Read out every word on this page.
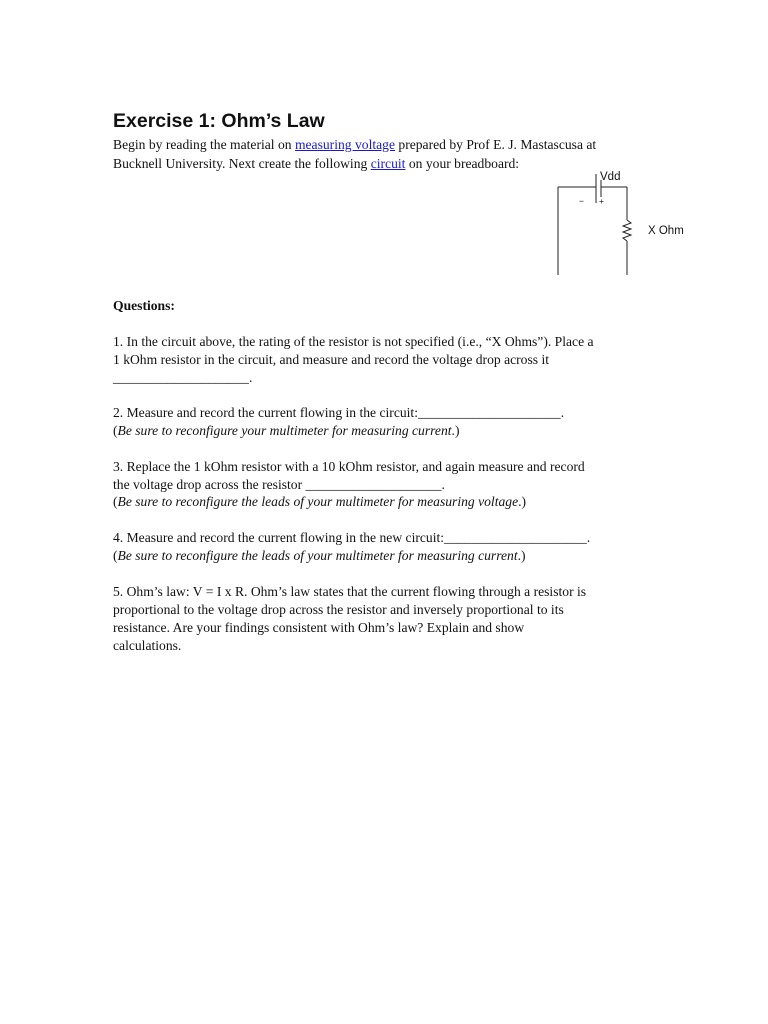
Exercise 1: Ohm’s Law
Begin by reading the material on measuring voltage prepared by Prof E. J. Mastascusa at
Bucknell University. Next create the following circuit on your breadboard:
Vdd
− +
X Ohm
Questions:
1. In the circuit above, the rating of the resistor is not specified (i.e., “X Ohms”). Place a
1 kOhm resistor in the circuit, and measure and record the voltage drop across it
____________________.
2. Measure and record the current flowing in the circuit:_____________________.
(Be sure to reconfigure your multimeter for measuring current.)
3. Replace the 1 kOhm resistor with a 10 kOhm resistor, and again measure and record
the voltage drop across the resistor ____________________.
(Be sure to reconfigure the leads of your multimeter for measuring voltage.)
4. Measure and record the current flowing in the new circuit:_____________________.
(Be sure to reconfigure the leads of your multimeter for measuring current.)
5. Ohm’s law: V = I x R. Ohm’s law states that the current flowing through a resistor is
proportional to the voltage drop across the resistor and inversely proportional to its
resistance. Are your findings consistent with Ohm’s law? Explain and show
calculations.
